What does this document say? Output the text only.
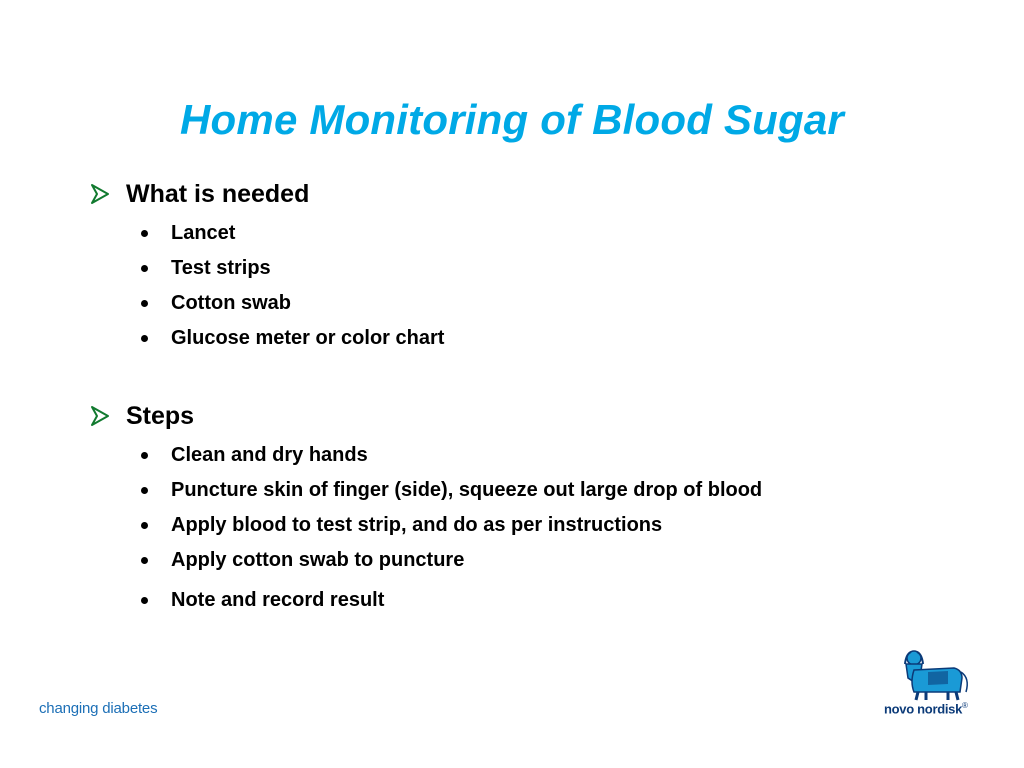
Home Monitoring of Blood Sugar
What is needed
Lancet
Test strips
Cotton swab
Glucose meter or color chart
Steps
Clean and dry hands
Puncture skin of finger (side), squeeze out large drop of blood
Apply blood to test strip, and do as per instructions
Apply cotton swab to puncture
Note and record result
changing diabetes	novo nordisk®
